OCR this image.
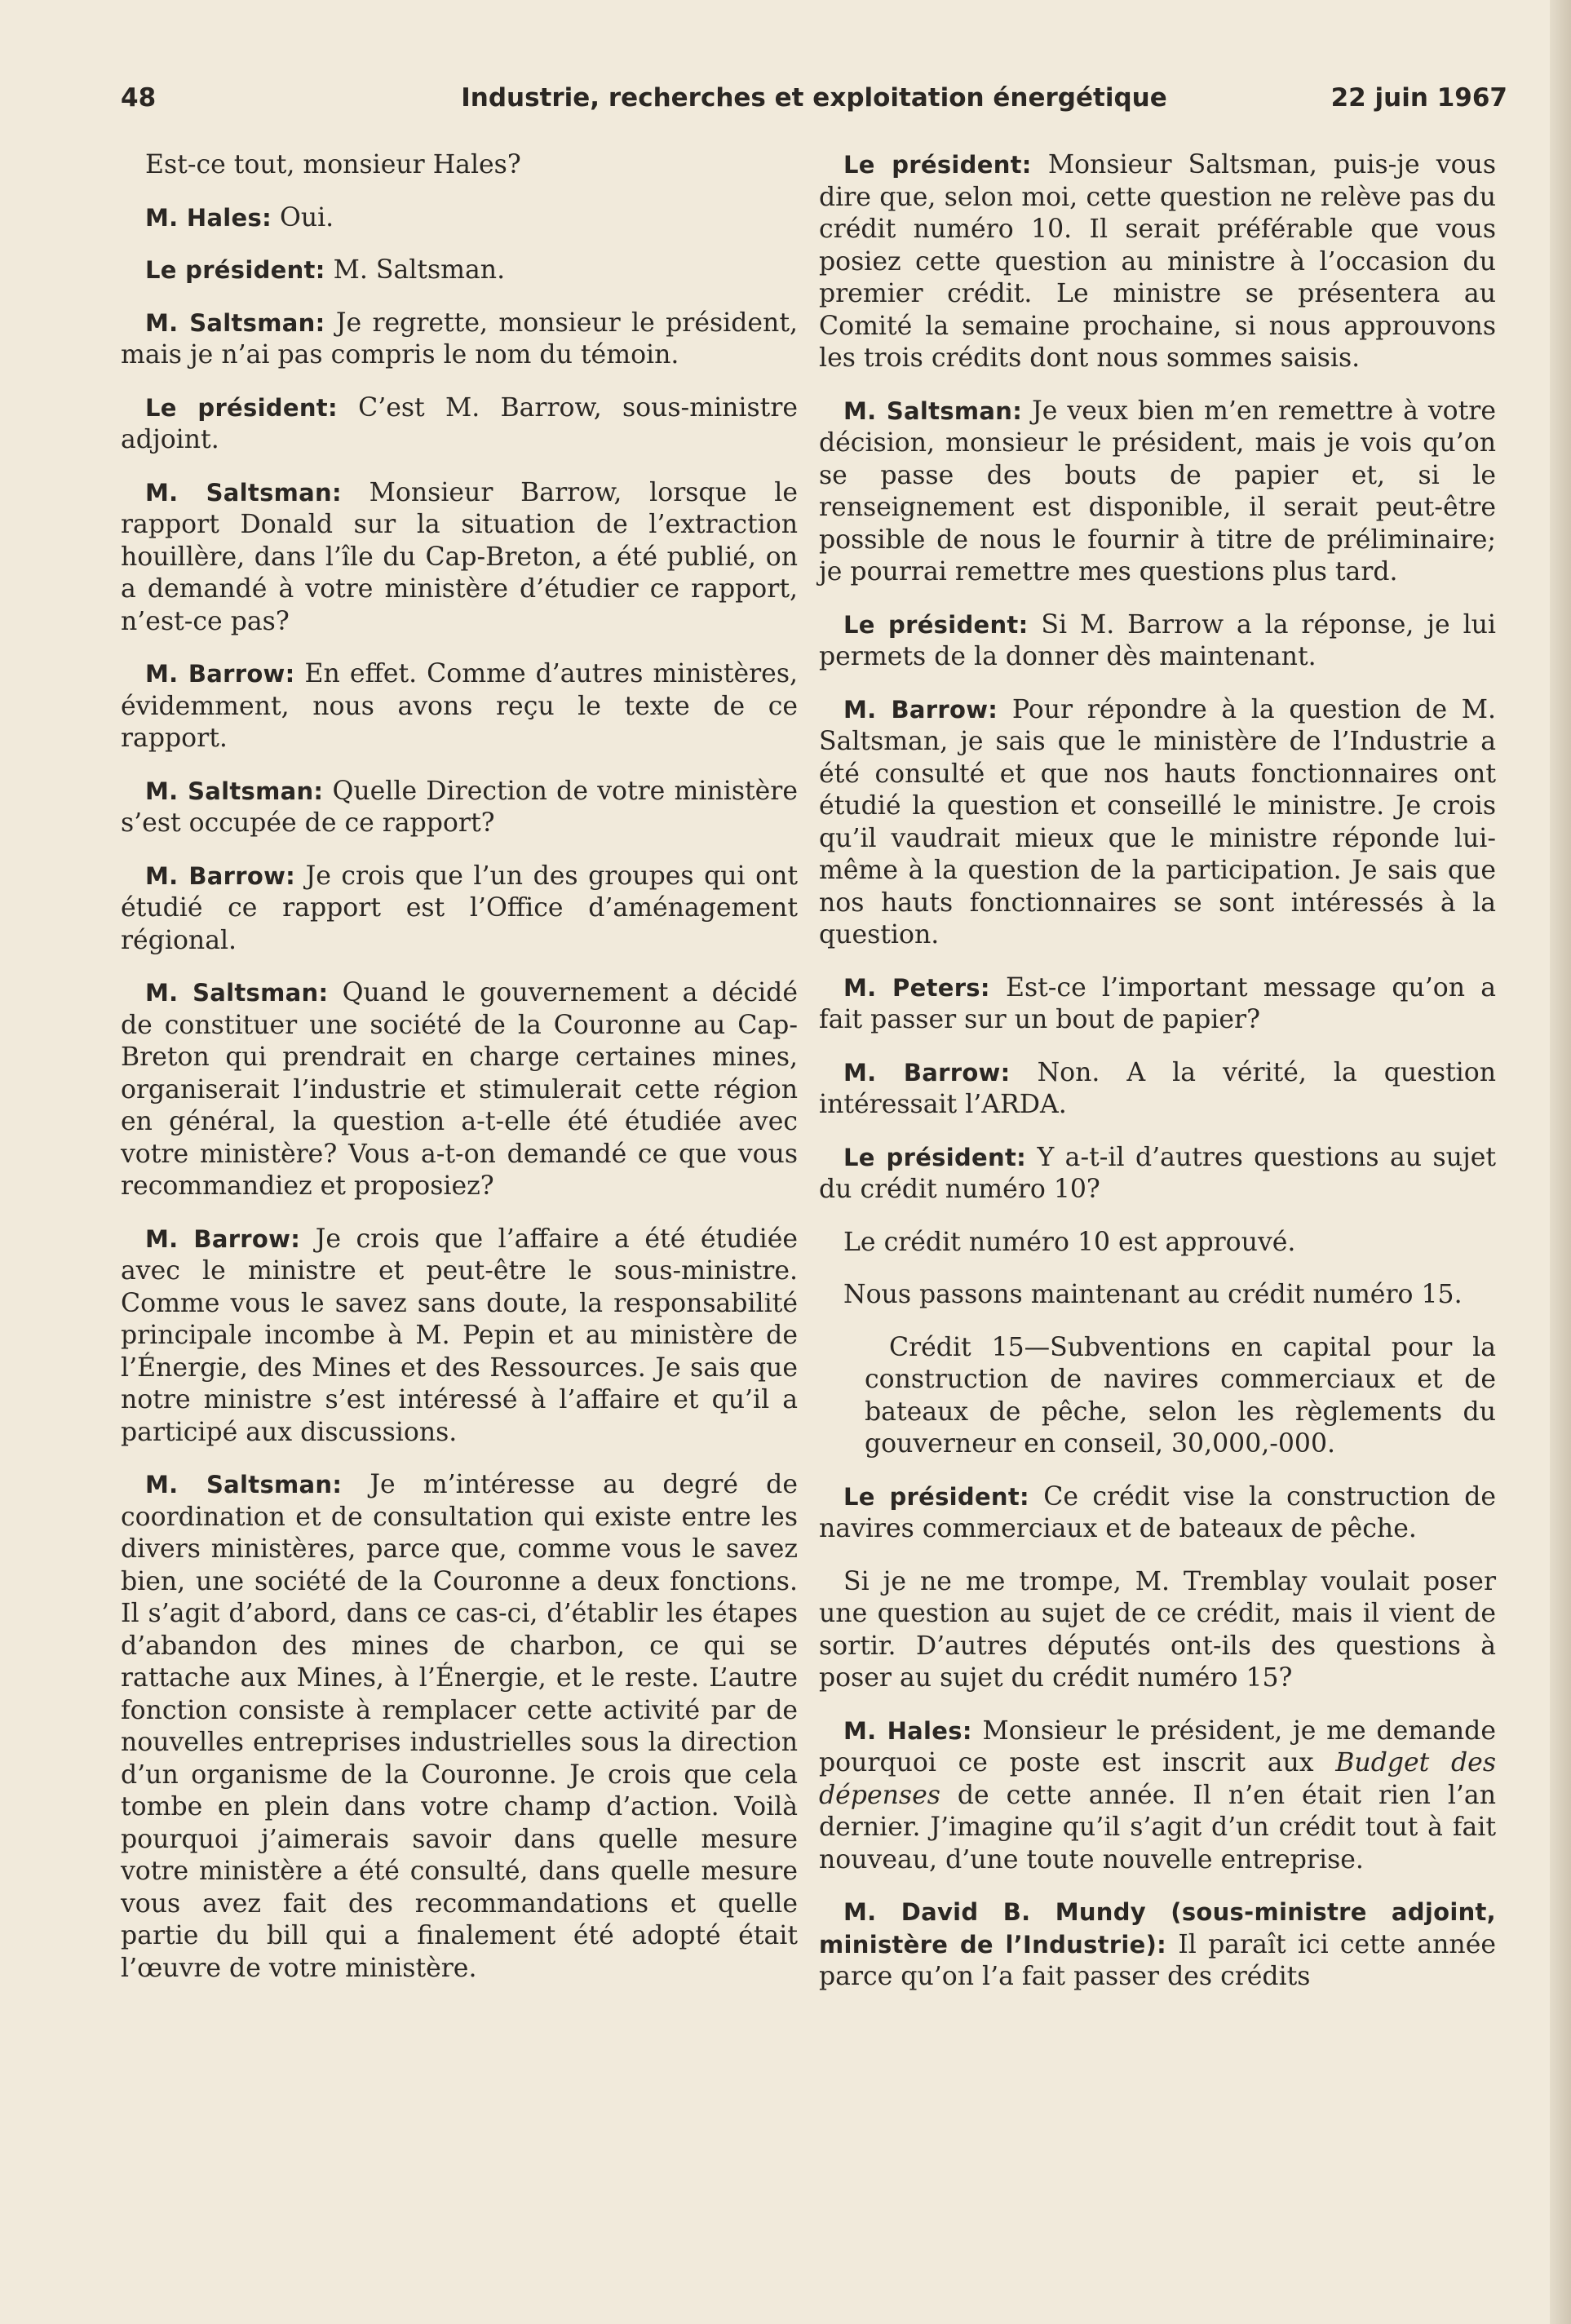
48	Industrie, recherches et exploitation énergétique	22 juin 1967

Est-ce tout, monsieur Hales?

M. Hales: Oui.

Le président: M. Saltsman.

M. Saltsman: Je regrette, monsieur le président, mais je n’ai pas compris le nom du témoin.

Le président: C’est M. Barrow, sous-ministre adjoint.

M. Saltsman: Monsieur Barrow, lorsque le rapport Donald sur la situation de l’extraction houillère, dans l’île du Cap-Breton, a été publié, on a demandé à votre ministère d’étudier ce rapport, n’est-ce pas?

M. Barrow: En effet. Comme d’autres ministères, évidemment, nous avons reçu le texte de ce rapport.

M. Saltsman: Quelle Direction de votre ministère s’est occupée de ce rapport?

M. Barrow: Je crois que l’un des groupes qui ont étudié ce rapport est l’Office d’aménagement régional.

M. Saltsman: Quand le gouvernement a décidé de constituer une société de la Couronne au Cap-Breton qui prendrait en charge certaines mines, organiserait l’industrie et stimulerait cette région en général, la question a-t-elle été étudiée avec votre ministère? Vous a-t-on demandé ce que vous recommandiez et proposiez?

M. Barrow: Je crois que l’affaire a été étudiée avec le ministre et peut-être le sous-ministre. Comme vous le savez sans doute, la responsabilité principale incombe à M. Pepin et au ministère de l’Énergie, des Mines et des Ressources. Je sais que notre ministre s’est intéressé à l’affaire et qu’il a participé aux discussions.

M. Saltsman: Je m’intéresse au degré de coordination et de consultation qui existe entre les divers ministères, parce que, comme vous le savez bien, une société de la Couronne a deux fonctions. Il s’agit d’abord, dans ce cas-ci, d’établir les étapes d’abandon des mines de charbon, ce qui se rattache aux Mines, à l’Énergie, et le reste. L’autre fonction consiste à remplacer cette activité par de nouvelles entreprises industrielles sous la direction d’un organisme de la Couronne. Je crois que cela tombe en plein dans votre champ d’action. Voilà pourquoi j’aimerais savoir dans quelle mesure votre ministère a été consulté, dans quelle mesure vous avez fait des recommandations et quelle partie du bill qui a finalement été adopté était l’œuvre de votre ministère.

Le président: Monsieur Saltsman, puis-je vous dire que, selon moi, cette question ne relève pas du crédit numéro 10. Il serait préférable que vous posiez cette question au ministre à l’occasion du premier crédit. Le ministre se présentera au Comité la semaine prochaine, si nous approuvons les trois crédits dont nous sommes saisis.

M. Saltsman: Je veux bien m’en remettre à votre décision, monsieur le président, mais je vois qu’on se passe des bouts de papier et, si le renseignement est disponible, il serait peut-être possible de nous le fournir à titre de préliminaire; je pourrai remettre mes questions plus tard.

Le président: Si M. Barrow a la réponse, je lui permets de la donner dès maintenant.

M. Barrow: Pour répondre à la question de M. Saltsman, je sais que le ministère de l’Industrie a été consulté et que nos hauts fonctionnaires ont étudié la question et conseillé le ministre. Je crois qu’il vaudrait mieux que le ministre réponde lui-même à la question de la participation. Je sais que nos hauts fonctionnaires se sont intéressés à la question.

M. Peters: Est-ce l’important message qu’on a fait passer sur un bout de papier?

M. Barrow: Non. A la vérité, la question intéressait l’ARDA.

Le président: Y a-t-il d’autres questions au sujet du crédit numéro 10?

Le crédit numéro 10 est approuvé.

Nous passons maintenant au crédit numéro 15.

Crédit 15—Subventions en capital pour la construction de navires commerciaux et de bateaux de pêche, selon les règlements du gouverneur en conseil, 30,000,-000.

Le président: Ce crédit vise la construction de navires commerciaux et de bateaux de pêche.

Si je ne me trompe, M. Tremblay voulait poser une question au sujet de ce crédit, mais il vient de sortir. D’autres députés ont-ils des questions à poser au sujet du crédit numéro 15?

M. Hales: Monsieur le président, je me demande pourquoi ce poste est inscrit aux Budget des dépenses de cette année. Il n’en était rien l’an dernier. J’imagine qu’il s’agit d’un crédit tout à fait nouveau, d’une toute nouvelle entreprise.

M. David B. Mundy (sous-ministre adjoint, ministère de l’Industrie): Il paraît ici cette année parce qu’on l’a fait passer des crédits
